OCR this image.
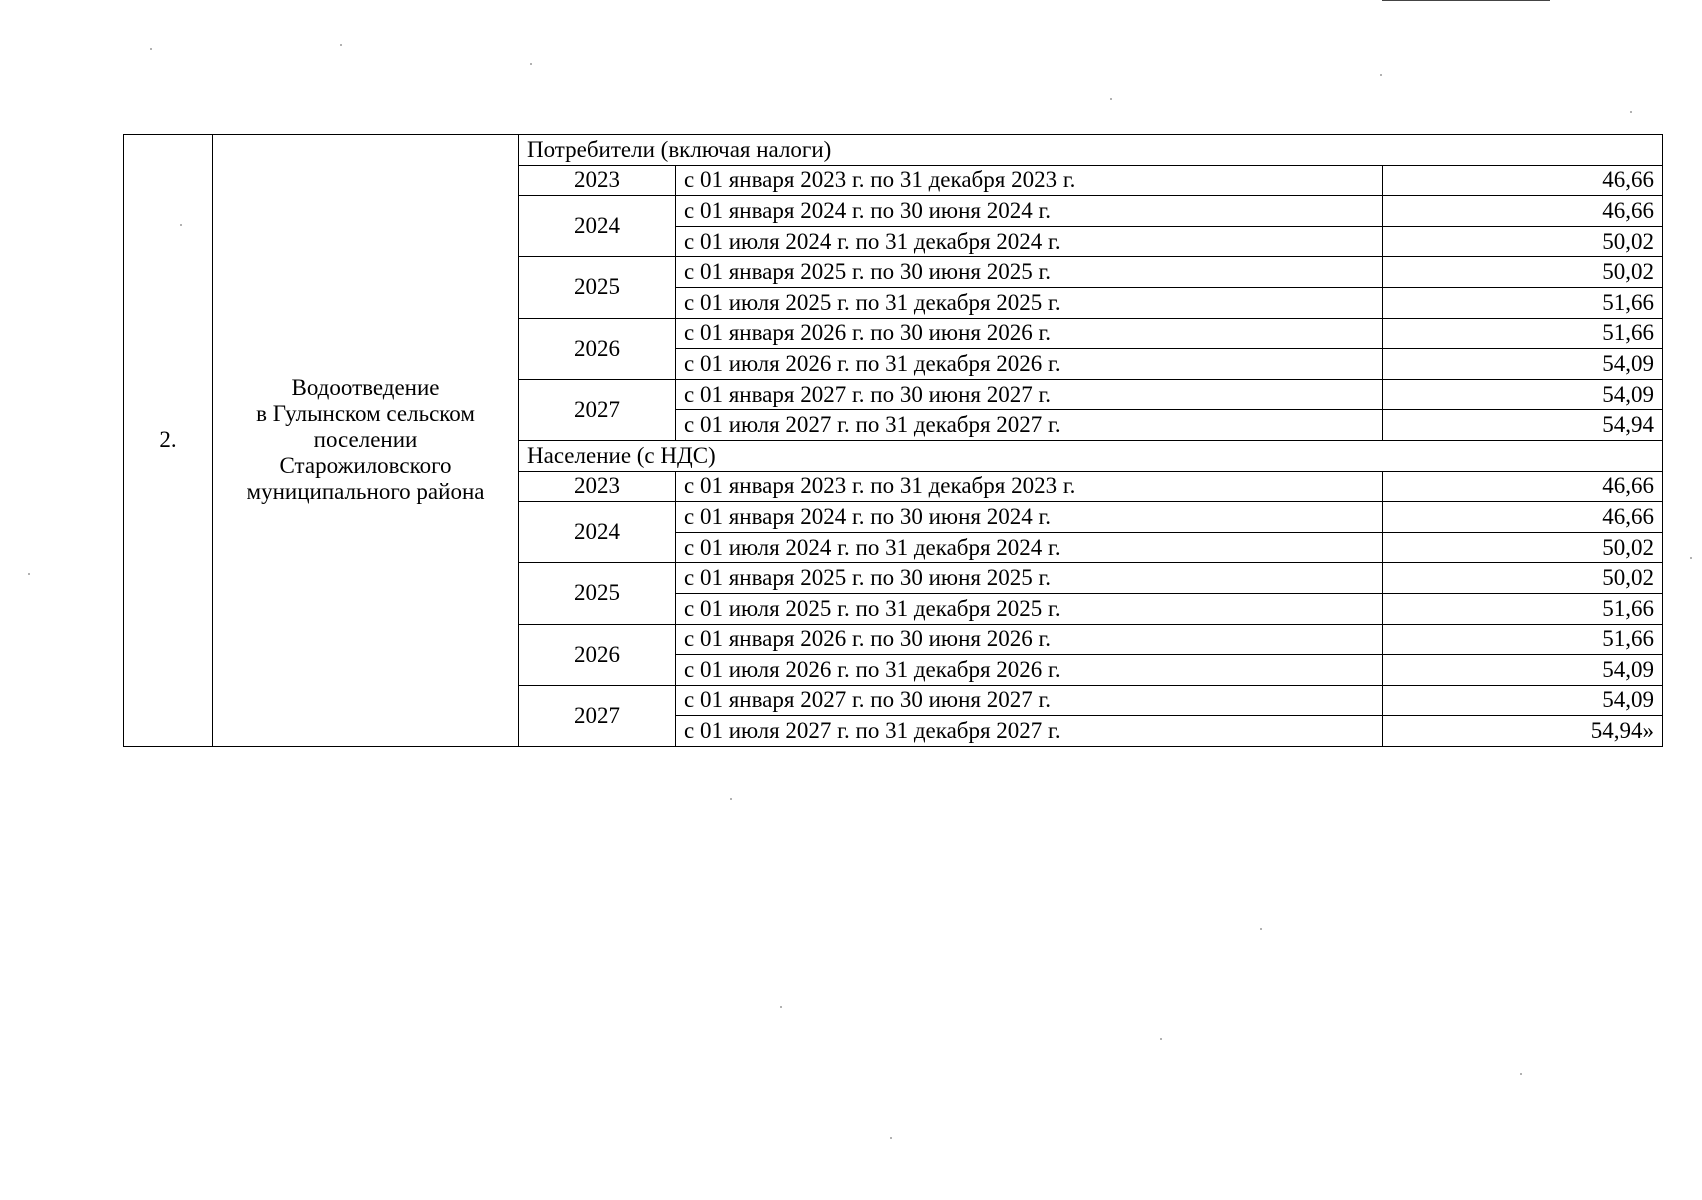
2.	Водоотведение
в Гулынском сельском
поселении
Старожиловского
муниципального района	Потребители (включая налоги)		
		2023	с 01 января 2023 г. по 31 декабря 2023 г.	46,66
		2024	с 01 января 2024 г. по 30 июня 2024 г.	46,66
			с 01 июля 2024 г. по 31 декабря 2024 г.	50,02
		2025	с 01 января 2025 г. по 30 июня 2025 г.	50,02
			с 01 июля 2025 г. по 31 декабря 2025 г.	51,66
		2026	с 01 января 2026 г. по 30 июня 2026 г.	51,66
			с 01 июля 2026 г. по 31 декабря 2026 г.	54,09
		2027	с 01 января 2027 г. по 30 июня 2027 г.	54,09
			с 01 июля 2027 г. по 31 декабря 2027 г.	54,94
		Население (с НДС)		
		2023	с 01 января 2023 г. по 31 декабря 2023 г.	46,66
		2024	с 01 января 2024 г. по 30 июня 2024 г.	46,66
			с 01 июля 2024 г. по 31 декабря 2024 г.	50,02
		2025	с 01 января 2025 г. по 30 июня 2025 г.	50,02
			с 01 июля 2025 г. по 31 декабря 2025 г.	51,66
		2026	с 01 января 2026 г. по 30 июня 2026 г.	51,66
			с 01 июля 2026 г. по 31 декабря 2026 г.	54,09
		2027	с 01 января 2027 г. по 30 июня 2027 г.	54,09
			с 01 июля 2027 г. по 31 декабря 2027 г.	54,94»
